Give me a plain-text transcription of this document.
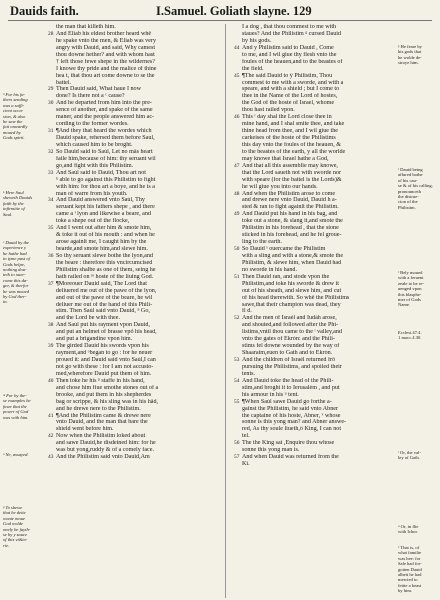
Dauids faith.	I.Samuel. Goliath slayne. 129
ᵇ For his fa-
thers sending
was a suffi-
cient occa-
sion, & also
he saw the
fait onwardly
moued by
Gods spirit.
ᵏ Here Saul
sheweth Dauids
faith by the
infirmitie of
Saul.
ᶜ Dauid by the
experience y
he hathe had
in tyme past of
Gods helpe,
nothing dou-
teth to ouer-
come this da-
ger, & therfor
he was moued
by God ther-
in.
ᵐ For by the-
se examples he
fawe that the
power of God
was with him.
ᵒ Ne, assayed.
ᵖ To shewe
that he deite
wonte moue
God wolde
onely be fayth-
se by y sauce
of this vi&to-
rie.
the man that killeth him.
28 And Eliab his eldest brother heard whē
he spake vnto the men, & Eliab was very
angry with Dauid, and said, Why camest
thou downe hether? and with whom hast
† left those fewe shepe in the wildernes?
I knowe thy pride and the malice of thine
hea t, that thou art come downe to se the
battel.
29 Then Dauid said, What haue I now
done? Is there not a ᶜ cause?
30 And he departed from him into the pre-
sence of another, and spake of the same
maner, and the people answered him ac-
cording to the former wordes.
31 ¶And they that heard the wordes which
Dauid spake, rehersed them before Saul,
which caused him to be broght.
32 So Dauid said to Saúl, Let no mās heart
faile him,because of him: thy seruant wil
go,and fight with this Philistim.
33 And Saúl said to Dauid, Thou art not
ᵏ able to go against this Philistim to fight
with him: for thou art a boye, and he is a
man of warre from his youth.
34 And Dauid answered vnto Saúl, Thy
seruant kept his fathers shepe , and there
came a ˡ lyon and likewise a beare, and
toke a shepe out of the flocke,
35 And I went out after him & smote him,
& toke it out of his mouth : and when he
arose againſt me, I caught him by the
bearde,and smote him,and slewe him.
36 So thy seruant slewe bothe the lyon,and
the beare : therefore this vncircumcised
Philistim shalbe as one of them, seing he
hath railed on ᵐ hoste of the liuing God.
37 ¶Moreouer Dauid said, The Lord that
deliuered me out of the pawe of the lyon,
and out of the pawe of the beare, he wil
deliuer me out of the hand of this Phili-
stim. Then Saúl said vnto Dauid, ⁿ Go,
and the Lord be with thee.
38 And Saúl put his rayment vpon Dauid,
and put an helmet of brasse vpõ his head,
and put a brigandine vpon him.
39 The girded Dauid his swords vpon his
rayment,and ᵒbegan to go : for he neuer
proued it: and Dauid said vnto Saúl,I can
not go with these : for I am not accusto-
med,wherefore Dauid put them of him.
40 Then toke he his ᵖ staffe in his hand,
and chose him fiue smothe stones out of a
brooke, and put them in his shepherdes
bag or scrippe, & his sling was in his hād,
and he drewe nere to the Philistim.
41 ¶And the Philistim came & drewe nere
vnto Dauid, and the man that bare the
shield went before him.
42 Now when the Philistim loked about
and sawe Dauid,he disdeined him: for he
was but yong,ruddy & of a comely face.
43 And the Philistim said vnto Dauid,Am
I a dog , that thou commest to me with
staues? And the Philistim ᵍ cursed Dauid
by his gods.
44 And y Philistim said to Dauid , Come
to me, and I wil giue thy flesh vnto the
foules of the heauen,and to the beastes of
the field.
45 ¶The said Dauid to ŷ Philistim, Thou
commest to me with a sworde, and with a
speare, and with a shield ; but I come to
thee in the Name of the Lord of hostes,
the God of the hoste of Israel, whome
thou hast railed vpon.
46 This ʳ day shal the Lord close thee in
mine hand, and I shal smite thee, and take
thine head from thee, and I wil giue the
carkeises of the hoste of the Philistims
this day vnto the foules of the heauen, &
to the beastes of the earth, y all the worlde
may knowe that Israel hathe a God,
47 And that all this assemblie may knowe,
that the Lord saueth not with sworde nor
with speare (for the battel is the Lords)&
he wil giue you into our hands.
48 And when the Philistim arose to come
and drewe nere vnto Dauid, Dauid h a-
sted & ran to fight againſt the Philistim.
49 And Dauid put his hand in his bag, and
toke out a stone, & slang it,and smote the
Philistim in his forehead , that the stone
sticked in his forehead, and he fel groue-
ling to the earth.
50 So Dauid ˢ ouercame the Philistim
with a sling and with a stone,& smote the
Philistim, & slewe him, when Dauid had
no sworde in his hand.
51 Then Dauid ran, and stode vpon the
Philistim,and toke his sworde & drew it
out of his sheath, and slewe him, and cut
of his head therewith. So whē the Philistims
sawe,that their champion was dead, they
fl d.
52 And the men of Israél and Iudáh arose,
and shouted,and followed after the Phi-
listims,vntil thou came to the ᵗ valley,and
vnto the gates of Ekrón: and the Phili-
stims fel downe wounded by the way of
Shaaraim,euen to Gath and to Ekrón.
53 And the children of Israél returned frō
pursuing the Philistims, and spoiled their
tents.
54 And Dauid toke the head of the Phili-
stim,and broght it to Ierusalém , and put
his armour in his ᵘ tent.
55 ¶When Saúl sawe Dauid go forthe a-
gainst the Philistim, he said vnto Abner
the captaine of his hoste, Abner, ᵛ whose
sonne is this yong man? and Abner answe-
red, As thy soule liueth,ô King, I can not
tel.
56 The the King sai ,Enquire thou whose
sonne this yong man is.
57 And when Dauid was returned from the
Ki.
ᵍ He feare by
his gods that
he wolde de-
stroye him.
ʳ Dauid being
affured bothe
of his cau-
se & of his calling,
pronounceth
the distrue-
cion of the
Philistim.
ʳ Bely moued
with a feruent
zeale to be re-
uenged vpon
this blasphe-
mer of Gods
Name.
Ecclesi.47.4.
1 macc.4.30.
ᵗ Or, the val-
ley of Gath.
ᵘ Or, in flie
with Ichor.
ᵛ That is, of
what familie
was hee: for
Sale had for-
gotten Dauid
albeit he had
mercied to
fettie a beast
by him.
